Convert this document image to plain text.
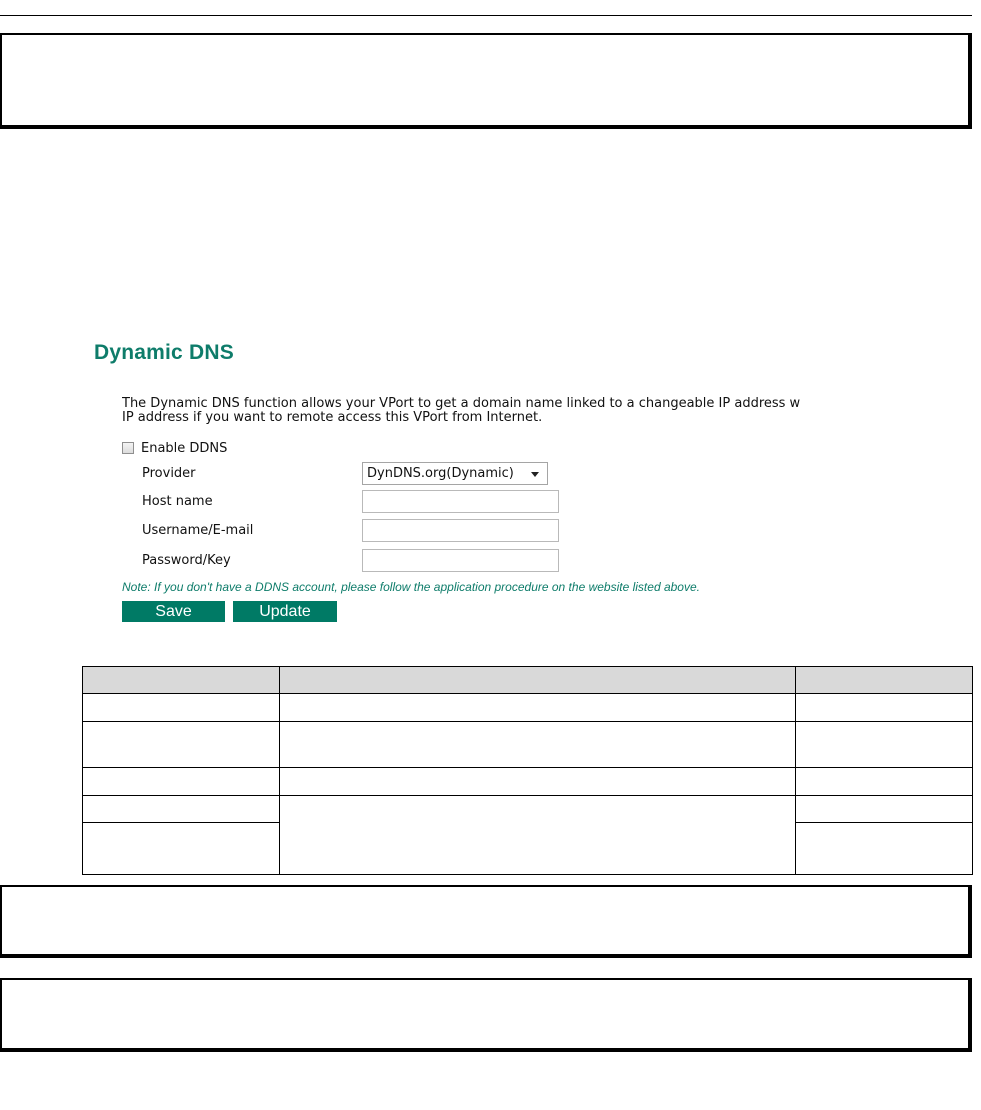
Dynamic DNS
The Dynamic DNS function allows your VPort to get a domain name linked to a changeable IP address w
IP address if you want to remote access this VPort from Internet.
Enable DDNS
Provider	DynDNS.org(Dynamic)
Host name
Username/E-mail
Password/Key
Note: If you don't have a DDNS account, please follow the application procedure on the website listed above.
Save	Update
